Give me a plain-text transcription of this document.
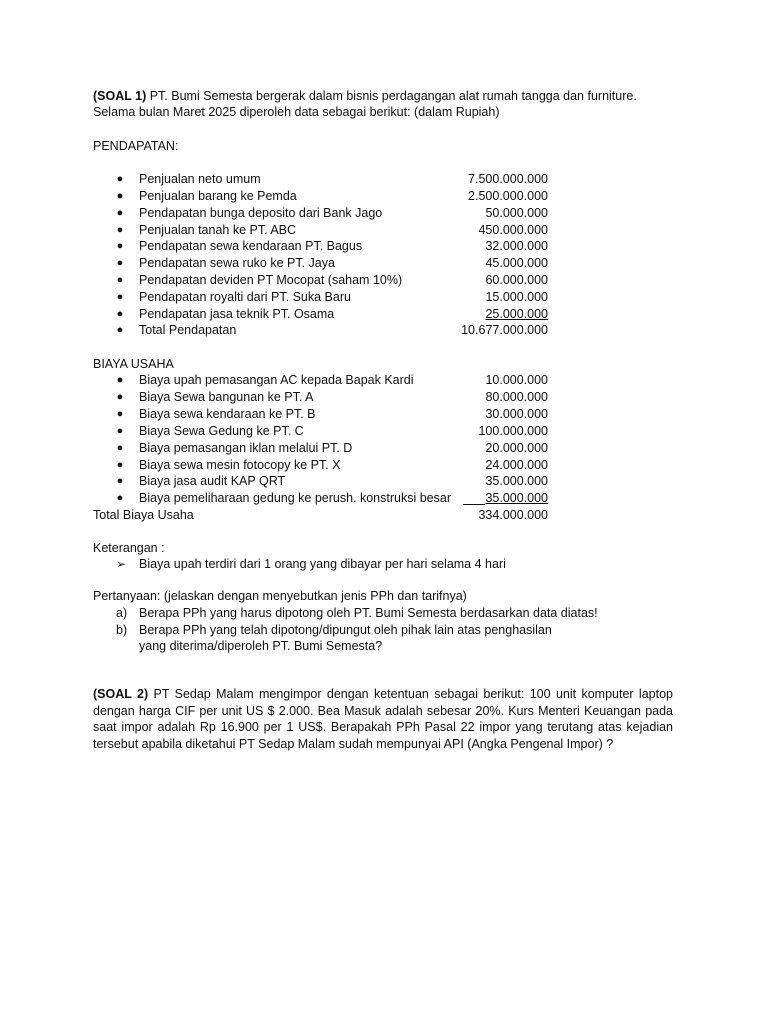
(SOAL 1) PT. Bumi Semesta bergerak dalam bisnis perdagangan alat rumah tangga dan furniture.
Selama bulan Maret 2025 diperoleh data sebagai berikut: (dalam Rupiah)
PENDAPATAN:
● Penjualan neto umum	7.500.000.000
● Penjualan barang ke Pemda	2.500.000.000
● Pendapatan bunga deposito dari Bank Jago	50.000.000
● Penjualan tanah ke PT. ABC	450.000.000
● Pendapatan sewa kendaraan PT. Bagus	32.000.000
● Pendapatan sewa ruko ke PT. Jaya	45.000.000
● Pendapatan deviden PT Mocopat (saham 10%)	60.000.000
● Pendapatan royalti dari PT. Suka Baru	15.000.000
● Pendapatan jasa teknik PT. Osama	25.000.000
● Total Pendapatan	10.677.000.000
BIAYA USAHA
● Biaya upah pemasangan AC kepada Bapak Kardi	10.000.000
● Biaya Sewa bangunan ke PT. A	80.000.000
● Biaya sewa kendaraan ke PT. B	30.000.000
● Biaya Sewa Gedung ke PT. C	100.000.000
● Biaya pemasangan iklan melalui PT. D	20.000.000
● Biaya sewa mesin fotocopy ke PT. X	24.000.000
● Biaya jasa audit KAP QRT	35.000.000
● Biaya pemeliharaan gedung ke perush. konstruksi besar	35.000.000
Total Biaya Usaha	334.000.000
Keterangan :
➢ Biaya upah terdiri dari 1 orang yang dibayar per hari selama 4 hari
Pertanyaan: (jelaskan dengan menyebutkan jenis PPh dan tarifnya)
a) Berapa PPh yang harus dipotong oleh PT. Bumi Semesta berdasarkan data diatas!
b) Berapa PPh yang telah dipotong/dipungut oleh pihak lain atas penghasilan
yang diterima/diperoleh PT. Bumi Semesta?
(SOAL 2) PT Sedap Malam mengimpor dengan ketentuan sebagai berikut: 100 unit komputer laptop dengan harga CIF per unit US $ 2.000. Bea Masuk adalah sebesar 20%. Kurs Menteri Keuangan pada saat impor adalah Rp 16.900 per 1 US$. Berapakah PPh Pasal 22 impor yang terutang atas kejadian tersebut apabila diketahui PT Sedap Malam sudah mempunyai API (Angka Pengenal Impor) ?
